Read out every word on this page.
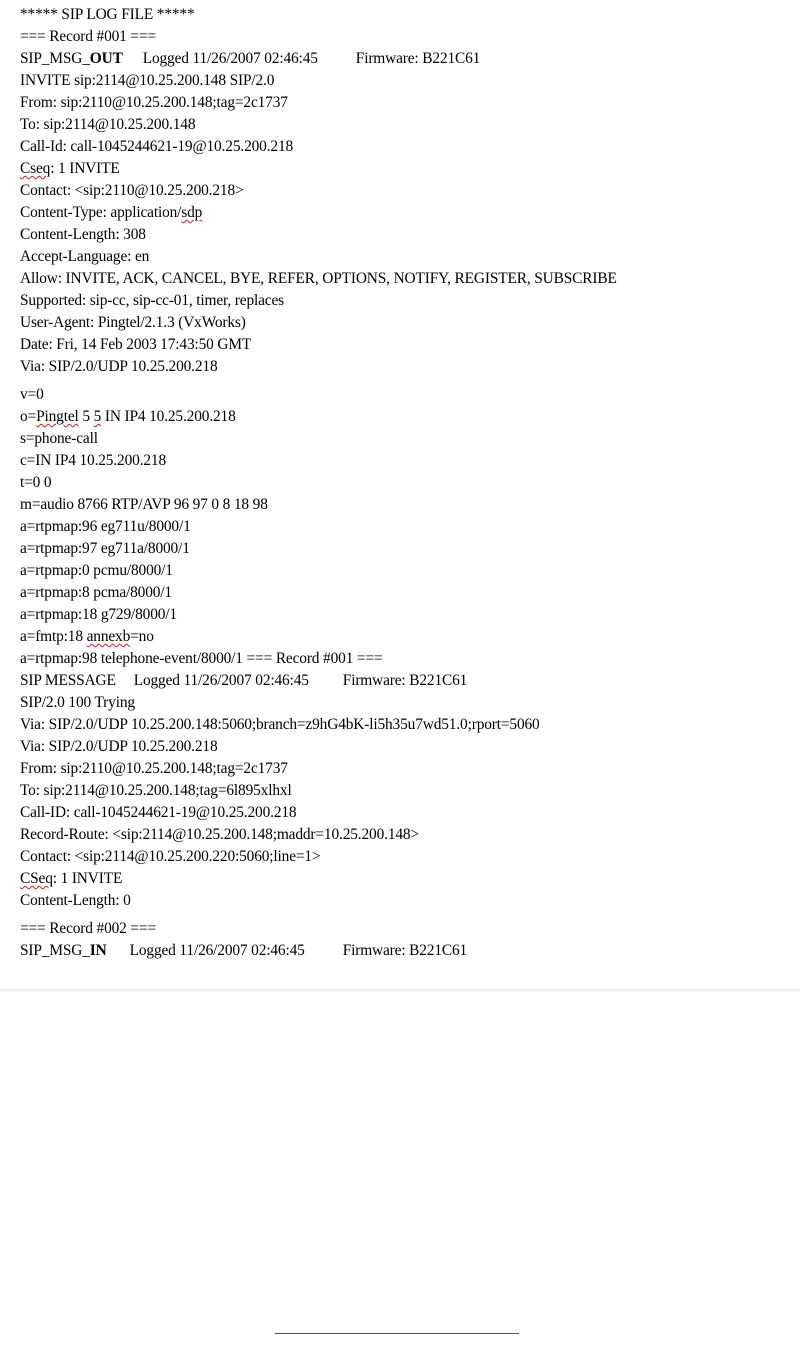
***** SIP LOG FILE *****
=== Record #001 ===
SIP_MSG_OUT Logged 11/26/2007 02:46:45 Firmware: B221C61
INVITE sip:2114@10.25.200.148 SIP/2.0
From: sip:2110@10.25.200.148;tag=2c1737
To: sip:2114@10.25.200.148
Call-Id: call-1045244621-19@10.25.200.218
Cseq: 1 INVITE
Contact: <sip:2110@10.25.200.218>
Content-Type: application/sdp
Content-Length: 308
Accept-Language: en
Allow: INVITE, ACK, CANCEL, BYE, REFER, OPTIONS, NOTIFY, REGISTER, SUBSCRIBE
Supported: sip-cc, sip-cc-01, timer, replaces
User-Agent: Pingtel/2.1.3 (VxWorks)
Date: Fri, 14 Feb 2003 17:43:50 GMT
Via: SIP/2.0/UDP 10.25.200.218
v=0
o=Pingtel 5 5 IN IP4 10.25.200.218
s=phone-call
c=IN IP4 10.25.200.218
t=0 0
m=audio 8766 RTP/AVP 96 97 0 8 18 98
a=rtpmap:96 eg711u/8000/1
a=rtpmap:97 eg711a/8000/1
a=rtpmap:0 pcmu/8000/1
a=rtpmap:8 pcma/8000/1
a=rtpmap:18 g729/8000/1
a=fmtp:18 annexb=no
a=rtpmap:98 telephone-event/8000/1 === Record #001 ===
SIP MESSAGE Logged 11/26/2007 02:46:45 Firmware: B221C61
SIP/2.0 100 Trying
Via: SIP/2.0/UDP 10.25.200.148:5060;branch=z9hG4bK-li5h35u7wd51.0;rport=5060
Via: SIP/2.0/UDP 10.25.200.218
From: sip:2110@10.25.200.148;tag=2c1737
To: sip:2114@10.25.200.148;tag=6l895xlhxl
Call-ID: call-1045244621-19@10.25.200.218
Record-Route: <sip:2114@10.25.200.148;maddr=10.25.200.148>
Contact: <sip:2114@10.25.200.220:5060;line=1>
CSeq: 1 INVITE
Content-Length: 0
=== Record #002 ===
SIP_MSG_IN Logged 11/26/2007 02:46:45 Firmware: B221C61
